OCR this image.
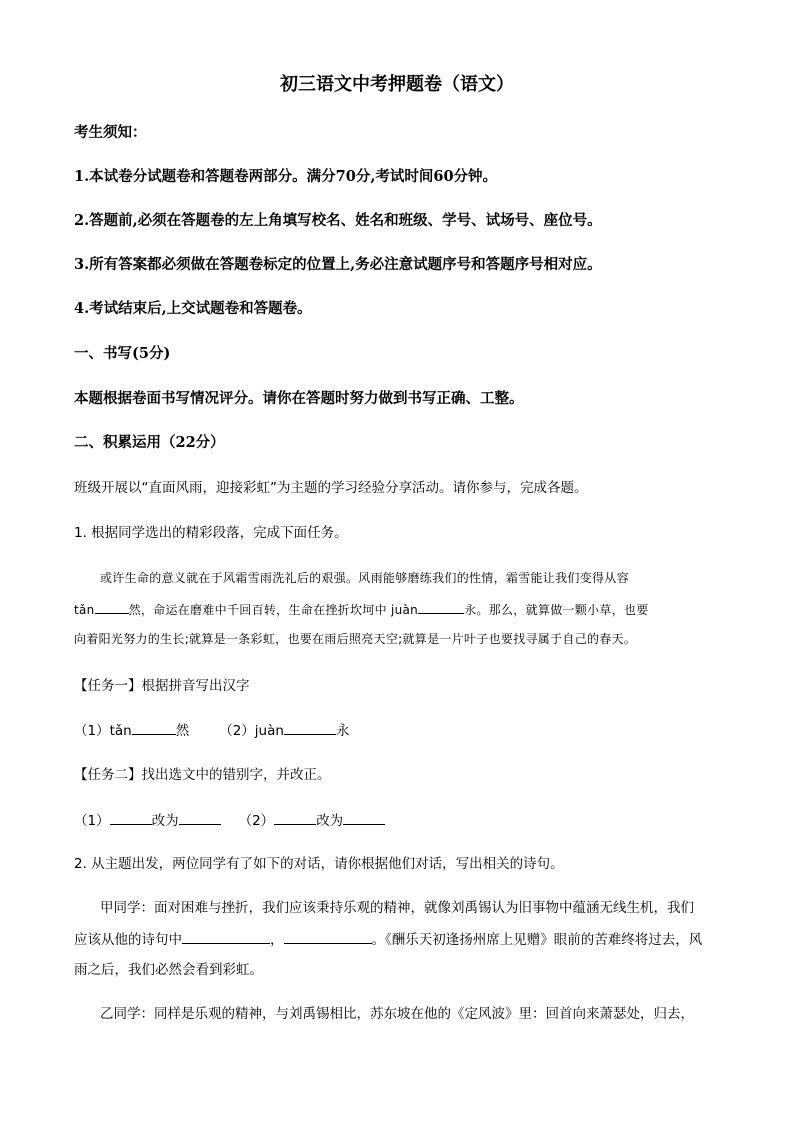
初三语文中考押题卷（语文）
考生须知：
1.本试卷分试题卷和答题卷两部分。满分70分,考试时间60分钟。
2.答题前,必须在答题卷的左上角填写校名、姓名和班级、学号、试场号、座位号。
3.所有答案都必须做在答题卷标定的位置上,务必注意试题序号和答题序号相对应。
4.考试结束后,上交试题卷和答题卷。
一、书写(5分)
本题根据卷面书写情况评分。请你在答题时努力做到书写正确、工整。
二、积累运用（22分）
班级开展以“直面风雨，迎接彩虹”为主题的学习经验分享活动。请你参与，完成各题。
1. 根据同学选出的精彩段落，完成下面任务。
或许生命的意义就在于风霜雪雨洗礼后的艰强。风雨能够磨练我们的性情，霜雪能让我们变得从容
tǎn	然，命运在磨难中千回百转，生命在挫折坎坷中 juàn	永。那么，就算做一颗小草，也要
向着阳光努力的生长;就算是一条彩虹，也要在雨后照亮天空;就算是一片叶子也要找寻属于自己的春天。
【任务一】根据拼音写出汉字
（1）tǎn	然 （2）juàn	永
【任务二】找出选文中的错别字，并改正。
（1）	改为	（2）	改为
2. 从主题出发，两位同学有了如下的对话，请你根据他们对话，写出相关的诗句。
甲同学：面对困难与挫折，我们应该秉持乐观的精神，就像刘禹锡认为旧事物中蕴涵无线生机，我们
应该从他的诗句中	，	。《酬乐天初逢扬州席上见赠》眼前的苦难终将过去，风
雨之后，我们必然会看到彩虹。
乙同学：同样是乐观的精神，与刘禹锡相比，苏东坡在他的《定风波》里：回首向来萧瑟处，归去，
